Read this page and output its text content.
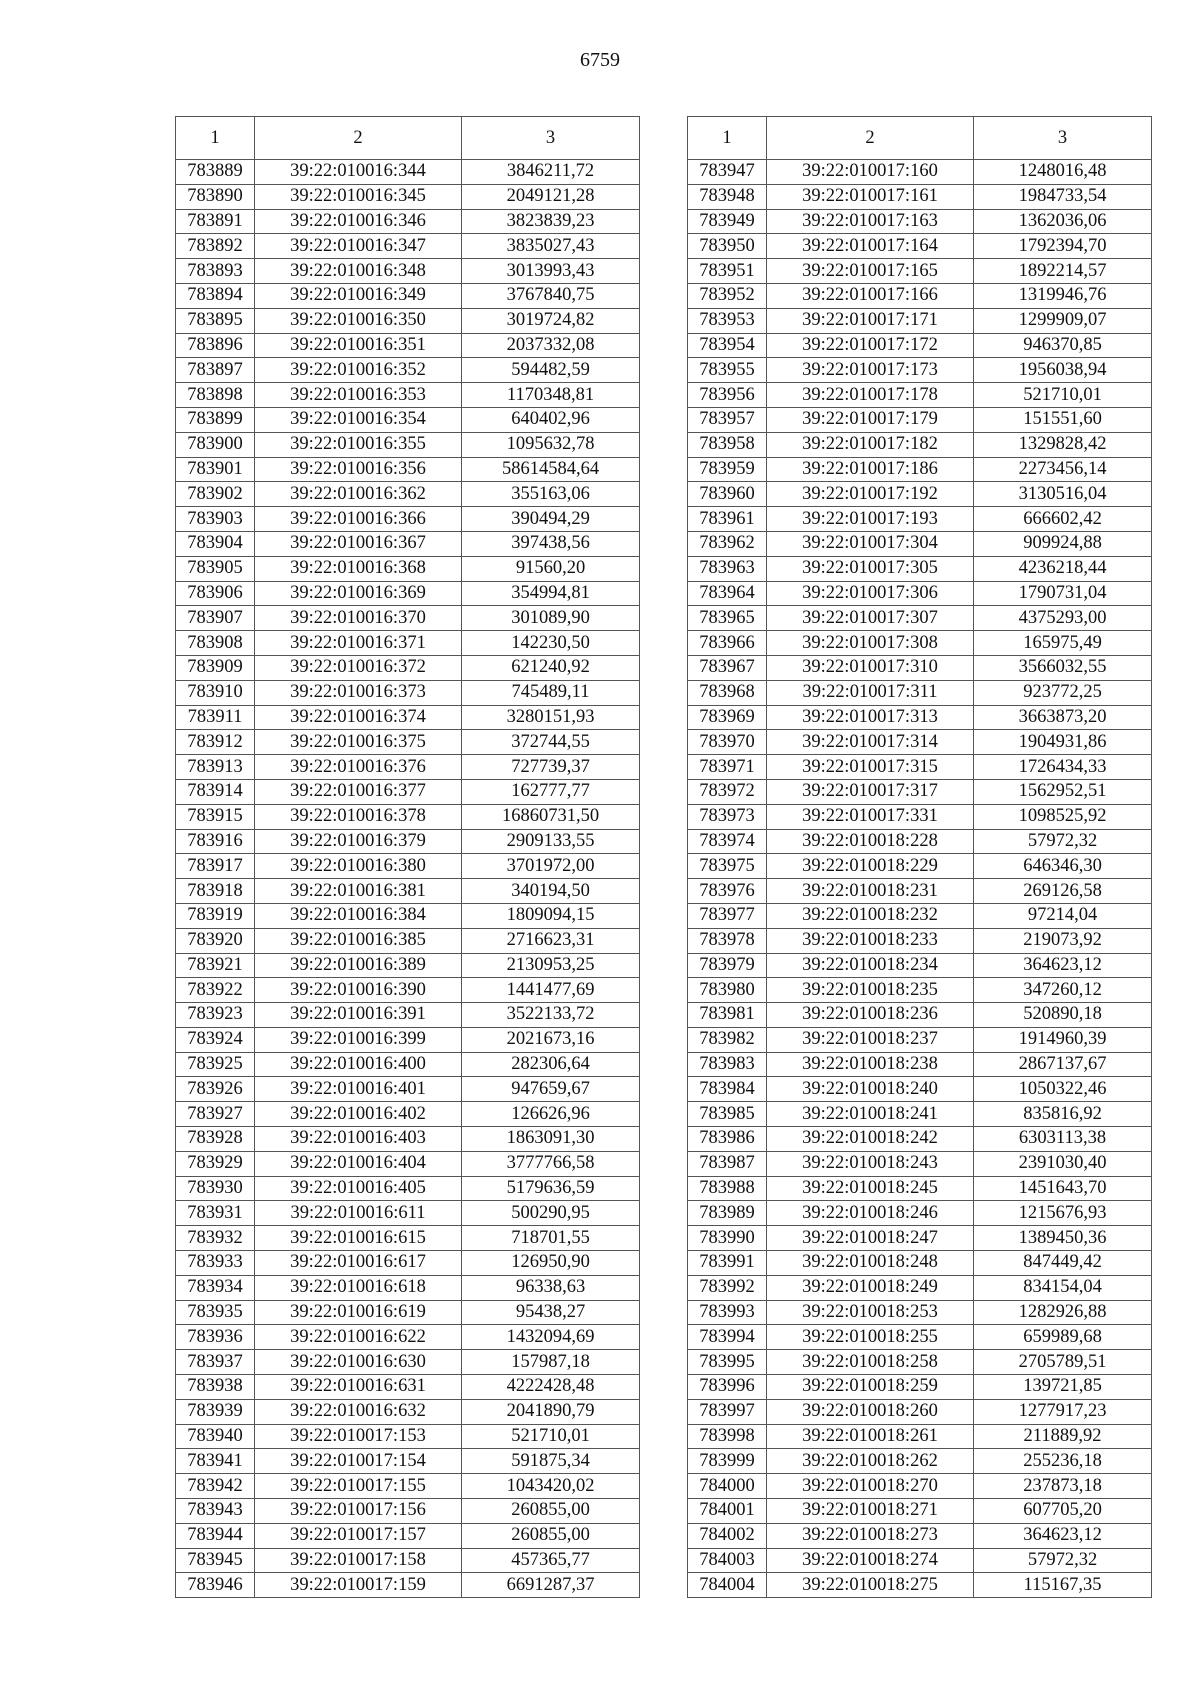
6759
1	2	3
783889	39:22:010016:344	3846211,72
783890	39:22:010016:345	2049121,28
783891	39:22:010016:346	3823839,23
783892	39:22:010016:347	3835027,43
783893	39:22:010016:348	3013993,43
783894	39:22:010016:349	3767840,75
783895	39:22:010016:350	3019724,82
783896	39:22:010016:351	2037332,08
783897	39:22:010016:352	594482,59
783898	39:22:010016:353	1170348,81
783899	39:22:010016:354	640402,96
783900	39:22:010016:355	1095632,78
783901	39:22:010016:356	58614584,64
783902	39:22:010016:362	355163,06
783903	39:22:010016:366	390494,29
783904	39:22:010016:367	397438,56
783905	39:22:010016:368	91560,20
783906	39:22:010016:369	354994,81
783907	39:22:010016:370	301089,90
783908	39:22:010016:371	142230,50
783909	39:22:010016:372	621240,92
783910	39:22:010016:373	745489,11
783911	39:22:010016:374	3280151,93
783912	39:22:010016:375	372744,55
783913	39:22:010016:376	727739,37
783914	39:22:010016:377	162777,77
783915	39:22:010016:378	16860731,50
783916	39:22:010016:379	2909133,55
783917	39:22:010016:380	3701972,00
783918	39:22:010016:381	340194,50
783919	39:22:010016:384	1809094,15
783920	39:22:010016:385	2716623,31
783921	39:22:010016:389	2130953,25
783922	39:22:010016:390	1441477,69
783923	39:22:010016:391	3522133,72
783924	39:22:010016:399	2021673,16
783925	39:22:010016:400	282306,64
783926	39:22:010016:401	947659,67
783927	39:22:010016:402	126626,96
783928	39:22:010016:403	1863091,30
783929	39:22:010016:404	3777766,58
783930	39:22:010016:405	5179636,59
783931	39:22:010016:611	500290,95
783932	39:22:010016:615	718701,55
783933	39:22:010016:617	126950,90
783934	39:22:010016:618	96338,63
783935	39:22:010016:619	95438,27
783936	39:22:010016:622	1432094,69
783937	39:22:010016:630	157987,18
783938	39:22:010016:631	4222428,48
783939	39:22:010016:632	2041890,79
783940	39:22:010017:153	521710,01
783941	39:22:010017:154	591875,34
783942	39:22:010017:155	1043420,02
783943	39:22:010017:156	260855,00
783944	39:22:010017:157	260855,00
783945	39:22:010017:158	457365,77
783946	39:22:010017:159	6691287,37
1	2	3
783947	39:22:010017:160	1248016,48
783948	39:22:010017:161	1984733,54
783949	39:22:010017:163	1362036,06
783950	39:22:010017:164	1792394,70
783951	39:22:010017:165	1892214,57
783952	39:22:010017:166	1319946,76
783953	39:22:010017:171	1299909,07
783954	39:22:010017:172	946370,85
783955	39:22:010017:173	1956038,94
783956	39:22:010017:178	521710,01
783957	39:22:010017:179	151551,60
783958	39:22:010017:182	1329828,42
783959	39:22:010017:186	2273456,14
783960	39:22:010017:192	3130516,04
783961	39:22:010017:193	666602,42
783962	39:22:010017:304	909924,88
783963	39:22:010017:305	4236218,44
783964	39:22:010017:306	1790731,04
783965	39:22:010017:307	4375293,00
783966	39:22:010017:308	165975,49
783967	39:22:010017:310	3566032,55
783968	39:22:010017:311	923772,25
783969	39:22:010017:313	3663873,20
783970	39:22:010017:314	1904931,86
783971	39:22:010017:315	1726434,33
783972	39:22:010017:317	1562952,51
783973	39:22:010017:331	1098525,92
783974	39:22:010018:228	57972,32
783975	39:22:010018:229	646346,30
783976	39:22:010018:231	269126,58
783977	39:22:010018:232	97214,04
783978	39:22:010018:233	219073,92
783979	39:22:010018:234	364623,12
783980	39:22:010018:235	347260,12
783981	39:22:010018:236	520890,18
783982	39:22:010018:237	1914960,39
783983	39:22:010018:238	2867137,67
783984	39:22:010018:240	1050322,46
783985	39:22:010018:241	835816,92
783986	39:22:010018:242	6303113,38
783987	39:22:010018:243	2391030,40
783988	39:22:010018:245	1451643,70
783989	39:22:010018:246	1215676,93
783990	39:22:010018:247	1389450,36
783991	39:22:010018:248	847449,42
783992	39:22:010018:249	834154,04
783993	39:22:010018:253	1282926,88
783994	39:22:010018:255	659989,68
783995	39:22:010018:258	2705789,51
783996	39:22:010018:259	139721,85
783997	39:22:010018:260	1277917,23
783998	39:22:010018:261	211889,92
783999	39:22:010018:262	255236,18
784000	39:22:010018:270	237873,18
784001	39:22:010018:271	607705,20
784002	39:22:010018:273	364623,12
784003	39:22:010018:274	57972,32
784004	39:22:010018:275	115167,35
